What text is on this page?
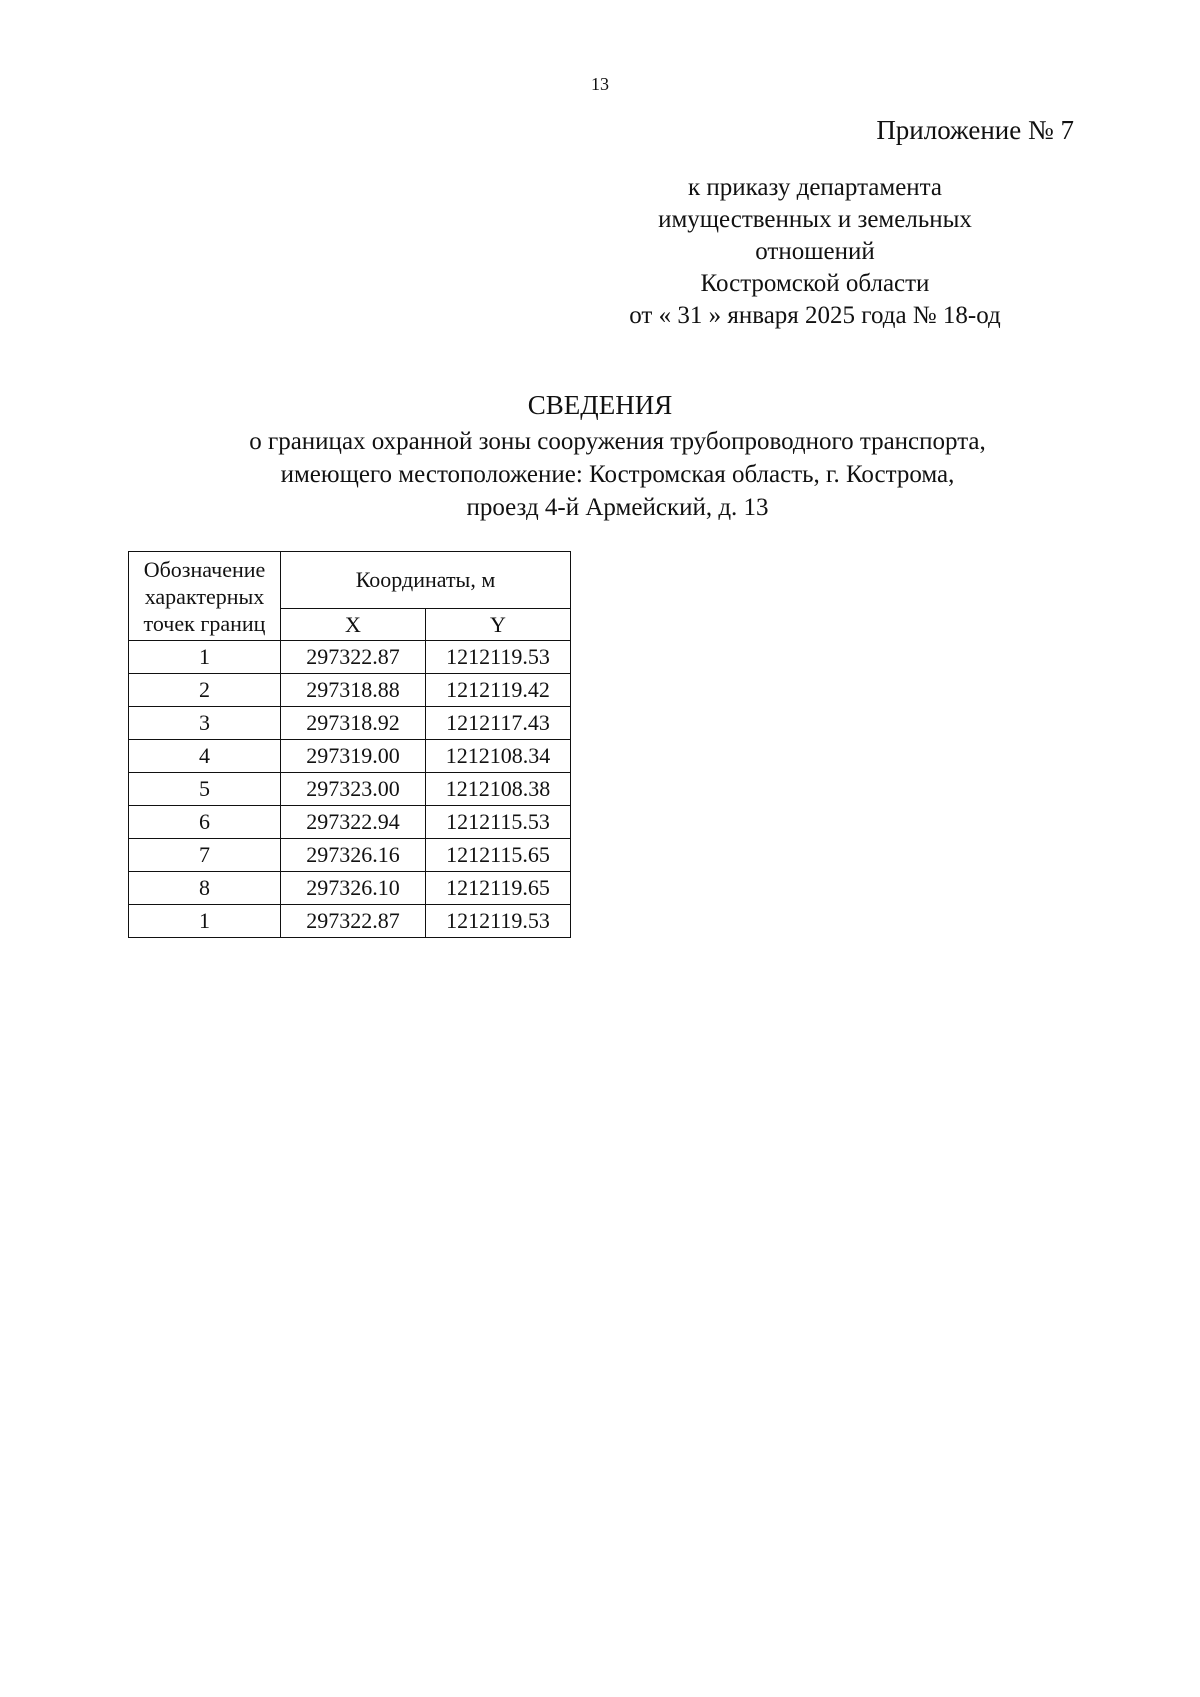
13
Приложение № 7
к приказу департамента
имущественных и земельных
отношений
Костромской области
от « 31 » января 2025 года № 18-од
СВЕДЕНИЯ
о границах охранной зоны сооружения трубопроводного транспорта,
имеющего местоположение: Костромская область, г. Кострома,
проезд 4-й Армейский, д. 13
Обозначение
характерных
точек границ	Координаты, м	
	X	Y
1	297322.87	1212119.53
2	297318.88	1212119.42
3	297318.92	1212117.43
4	297319.00	1212108.34
5	297323.00	1212108.38
6	297322.94	1212115.53
7	297326.16	1212115.65
8	297326.10	1212119.65
1	297322.87	1212119.53
